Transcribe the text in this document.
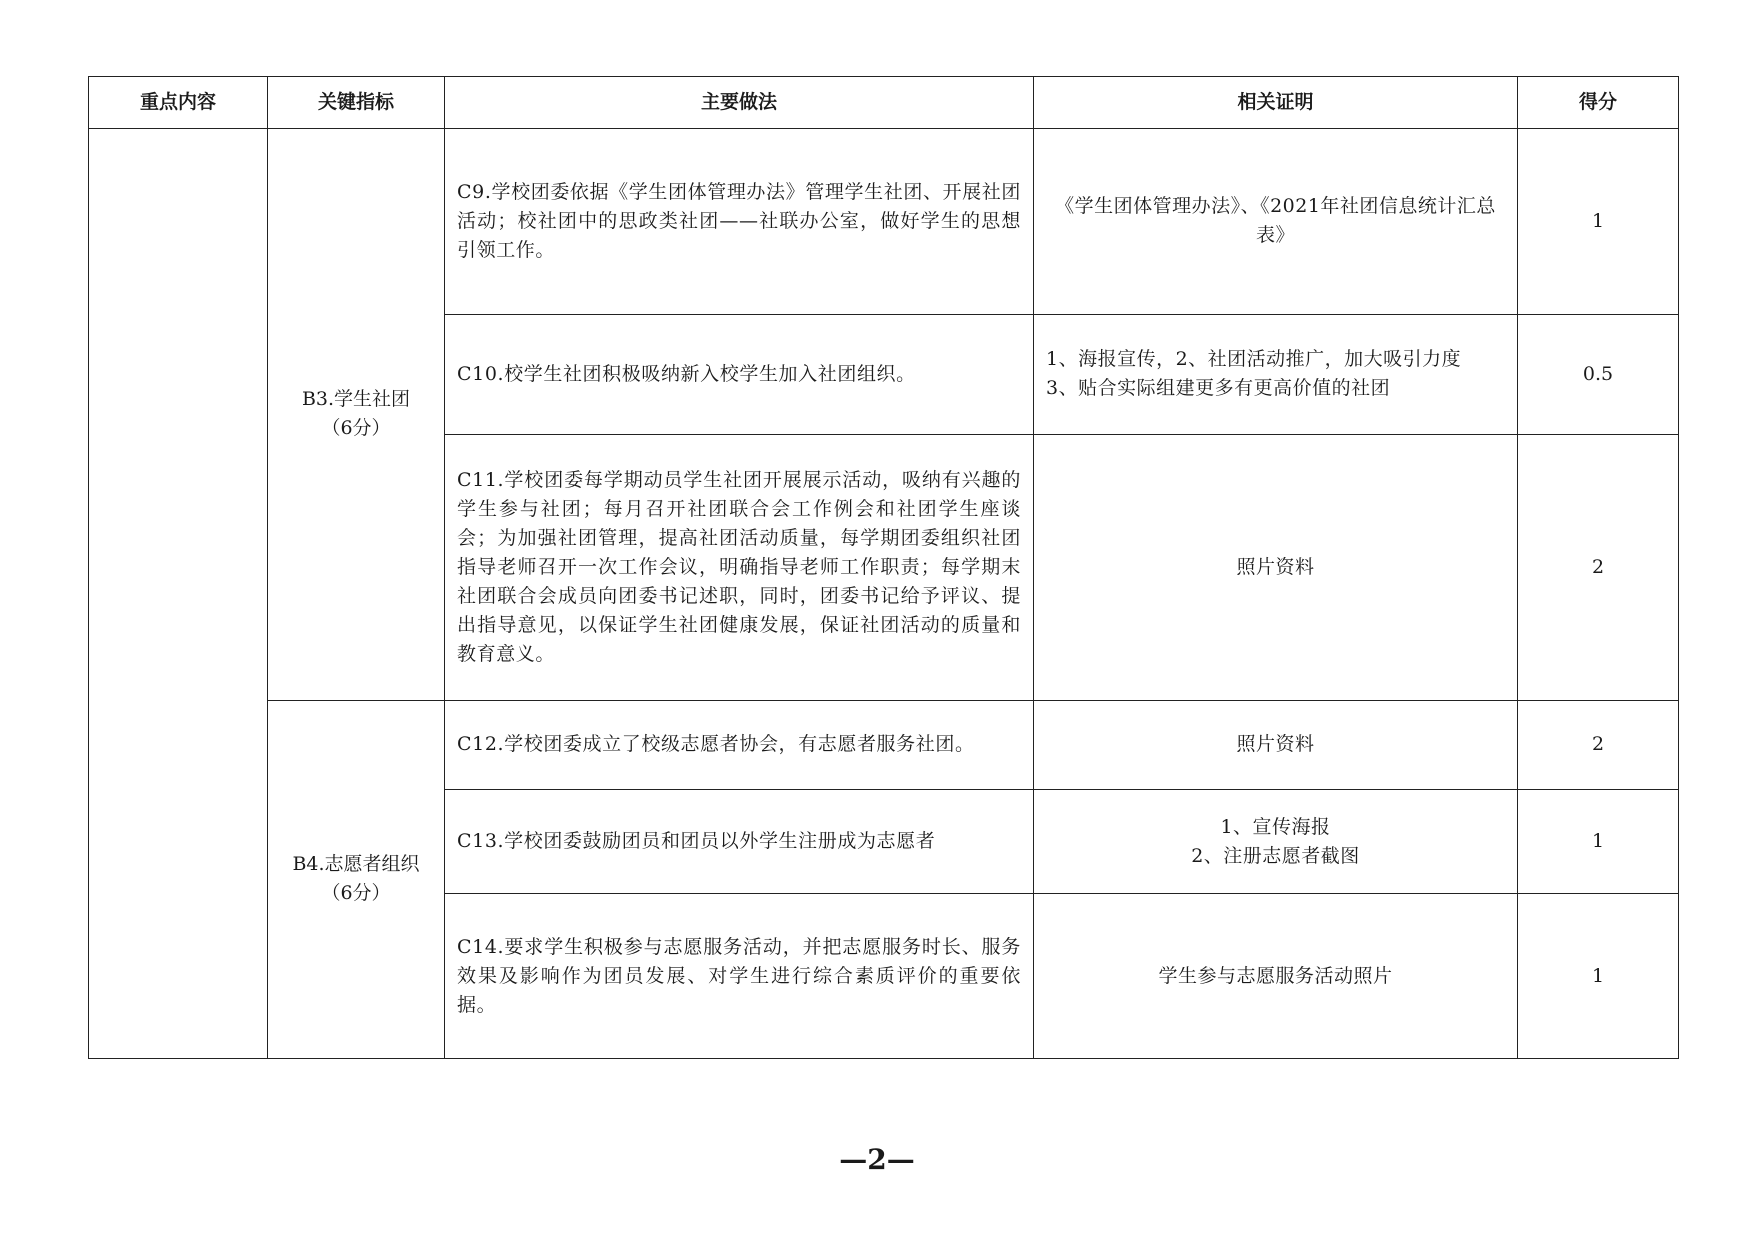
重点内容	关键指标	主要做法	相关证明	得分

	B3.学生社团
（6分）	C9.学校团委依据《学生团体管理办法》管理学生社团、开展社团活动；校社团中的思政类社团——社联办公室，做好学生的思想引领工作。	《学生团体管理办法》、《2021年社团信息统计汇总表》	1
		C10.校学生社团积极吸纳新入校学生加入社团组织。	1、海报宣传，2、社团活动推广，加大吸引力度
3、贴合实际组建更多有更高价值的社团	0.5
		C11.学校团委每学期动员学生社团开展展示活动，吸纳有兴趣的学生参与社团；每月召开社团联合会工作例会和社团学生座谈会；为加强社团管理，提高社团活动质量，每学期团委组织社团指导老师召开一次工作会议，明确指导老师工作职责；每学期末社团联合会成员向团委书记述职，同时，团委书记给予评议、提出指导意见，以保证学生社团健康发展，保证社团活动的质量和教育意义。	照片资料	2

	B4.志愿者组织
（6分）	C12.学校团委成立了校级志愿者协会，有志愿者服务社团。	照片资料	2
		C13.学校团委鼓励团员和团员以外学生注册成为志愿者	1、宣传海报
2、注册志愿者截图	1
		C14.要求学生积极参与志愿服务活动，并把志愿服务时长、服务效果及影响作为团员发展、对学生进行综合素质评价的重要依据。	学生参与志愿服务活动照片	1
—2—
